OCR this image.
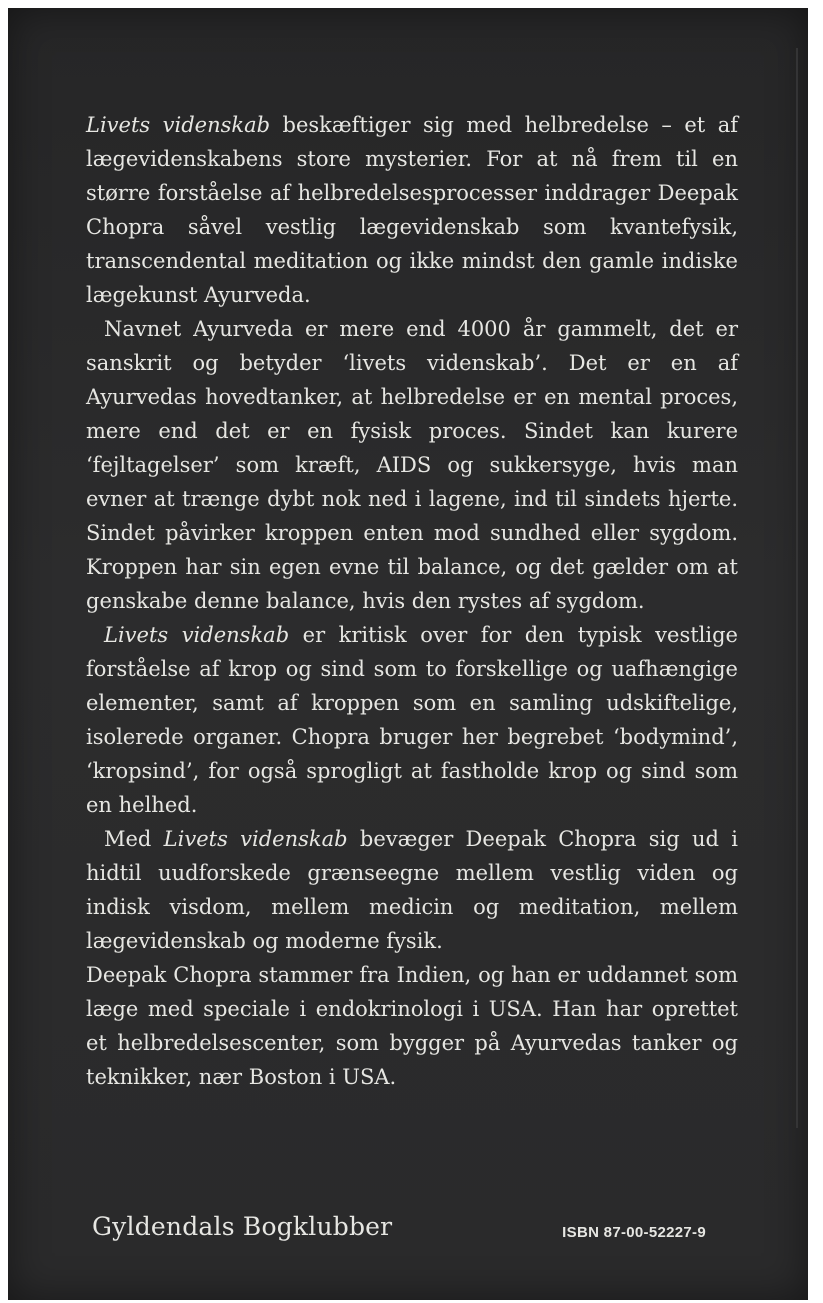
Livets videnskab beskæftiger sig med helbredelse – et af lægevidenskabens store mysterier. For at nå frem til en større forståelse af helbredelsesprocesser inddrager Deepak Chopra såvel vestlig lægevidenskab som kvantefysik, transcendental meditation og ikke mindst den gamle indiske lægekunst Ayurveda.

Navnet Ayurveda er mere end 4000 år gammelt, det er sanskrit og betyder ‘livets videnskab’. Det er en af Ayurvedas hovedtanker, at helbredelse er en mental proces, mere end det er en fysisk proces. Sindet kan kurere ‘fejltagelser’ som kræft, AIDS og sukkersyge, hvis man evner at trænge dybt nok ned i lagene, ind til sindets hjerte. Sindet påvirker kroppen enten mod sundhed eller sygdom. Kroppen har sin egen evne til balance, og det gælder om at genskabe denne balance, hvis den rystes af sygdom.

Livets videnskab er kritisk over for den typisk vestlige forståelse af krop og sind som to forskellige og uafhængige elementer, samt af kroppen som en samling udskiftelige, isolerede organer. Chopra bruger her begrebet ‘bodymind’, ‘kropsind’, for også sprogligt at fastholde krop og sind som en helhed.

Med Livets videnskab bevæger Deepak Chopra sig ud i hidtil uudforskede grænseegne mellem vestlig viden og indisk visdom, mellem medicin og meditation, mellem lægevidenskab og moderne fysik.

Deepak Chopra stammer fra Indien, og han er uddannet som læge med speciale i endokrinologi i USA. Han har oprettet et helbredelsescenter, som bygger på Ayurvedas tanker og teknikker, nær Boston i USA.

Gyldendals Bogklubber	ISBN 87-00-52227-9
